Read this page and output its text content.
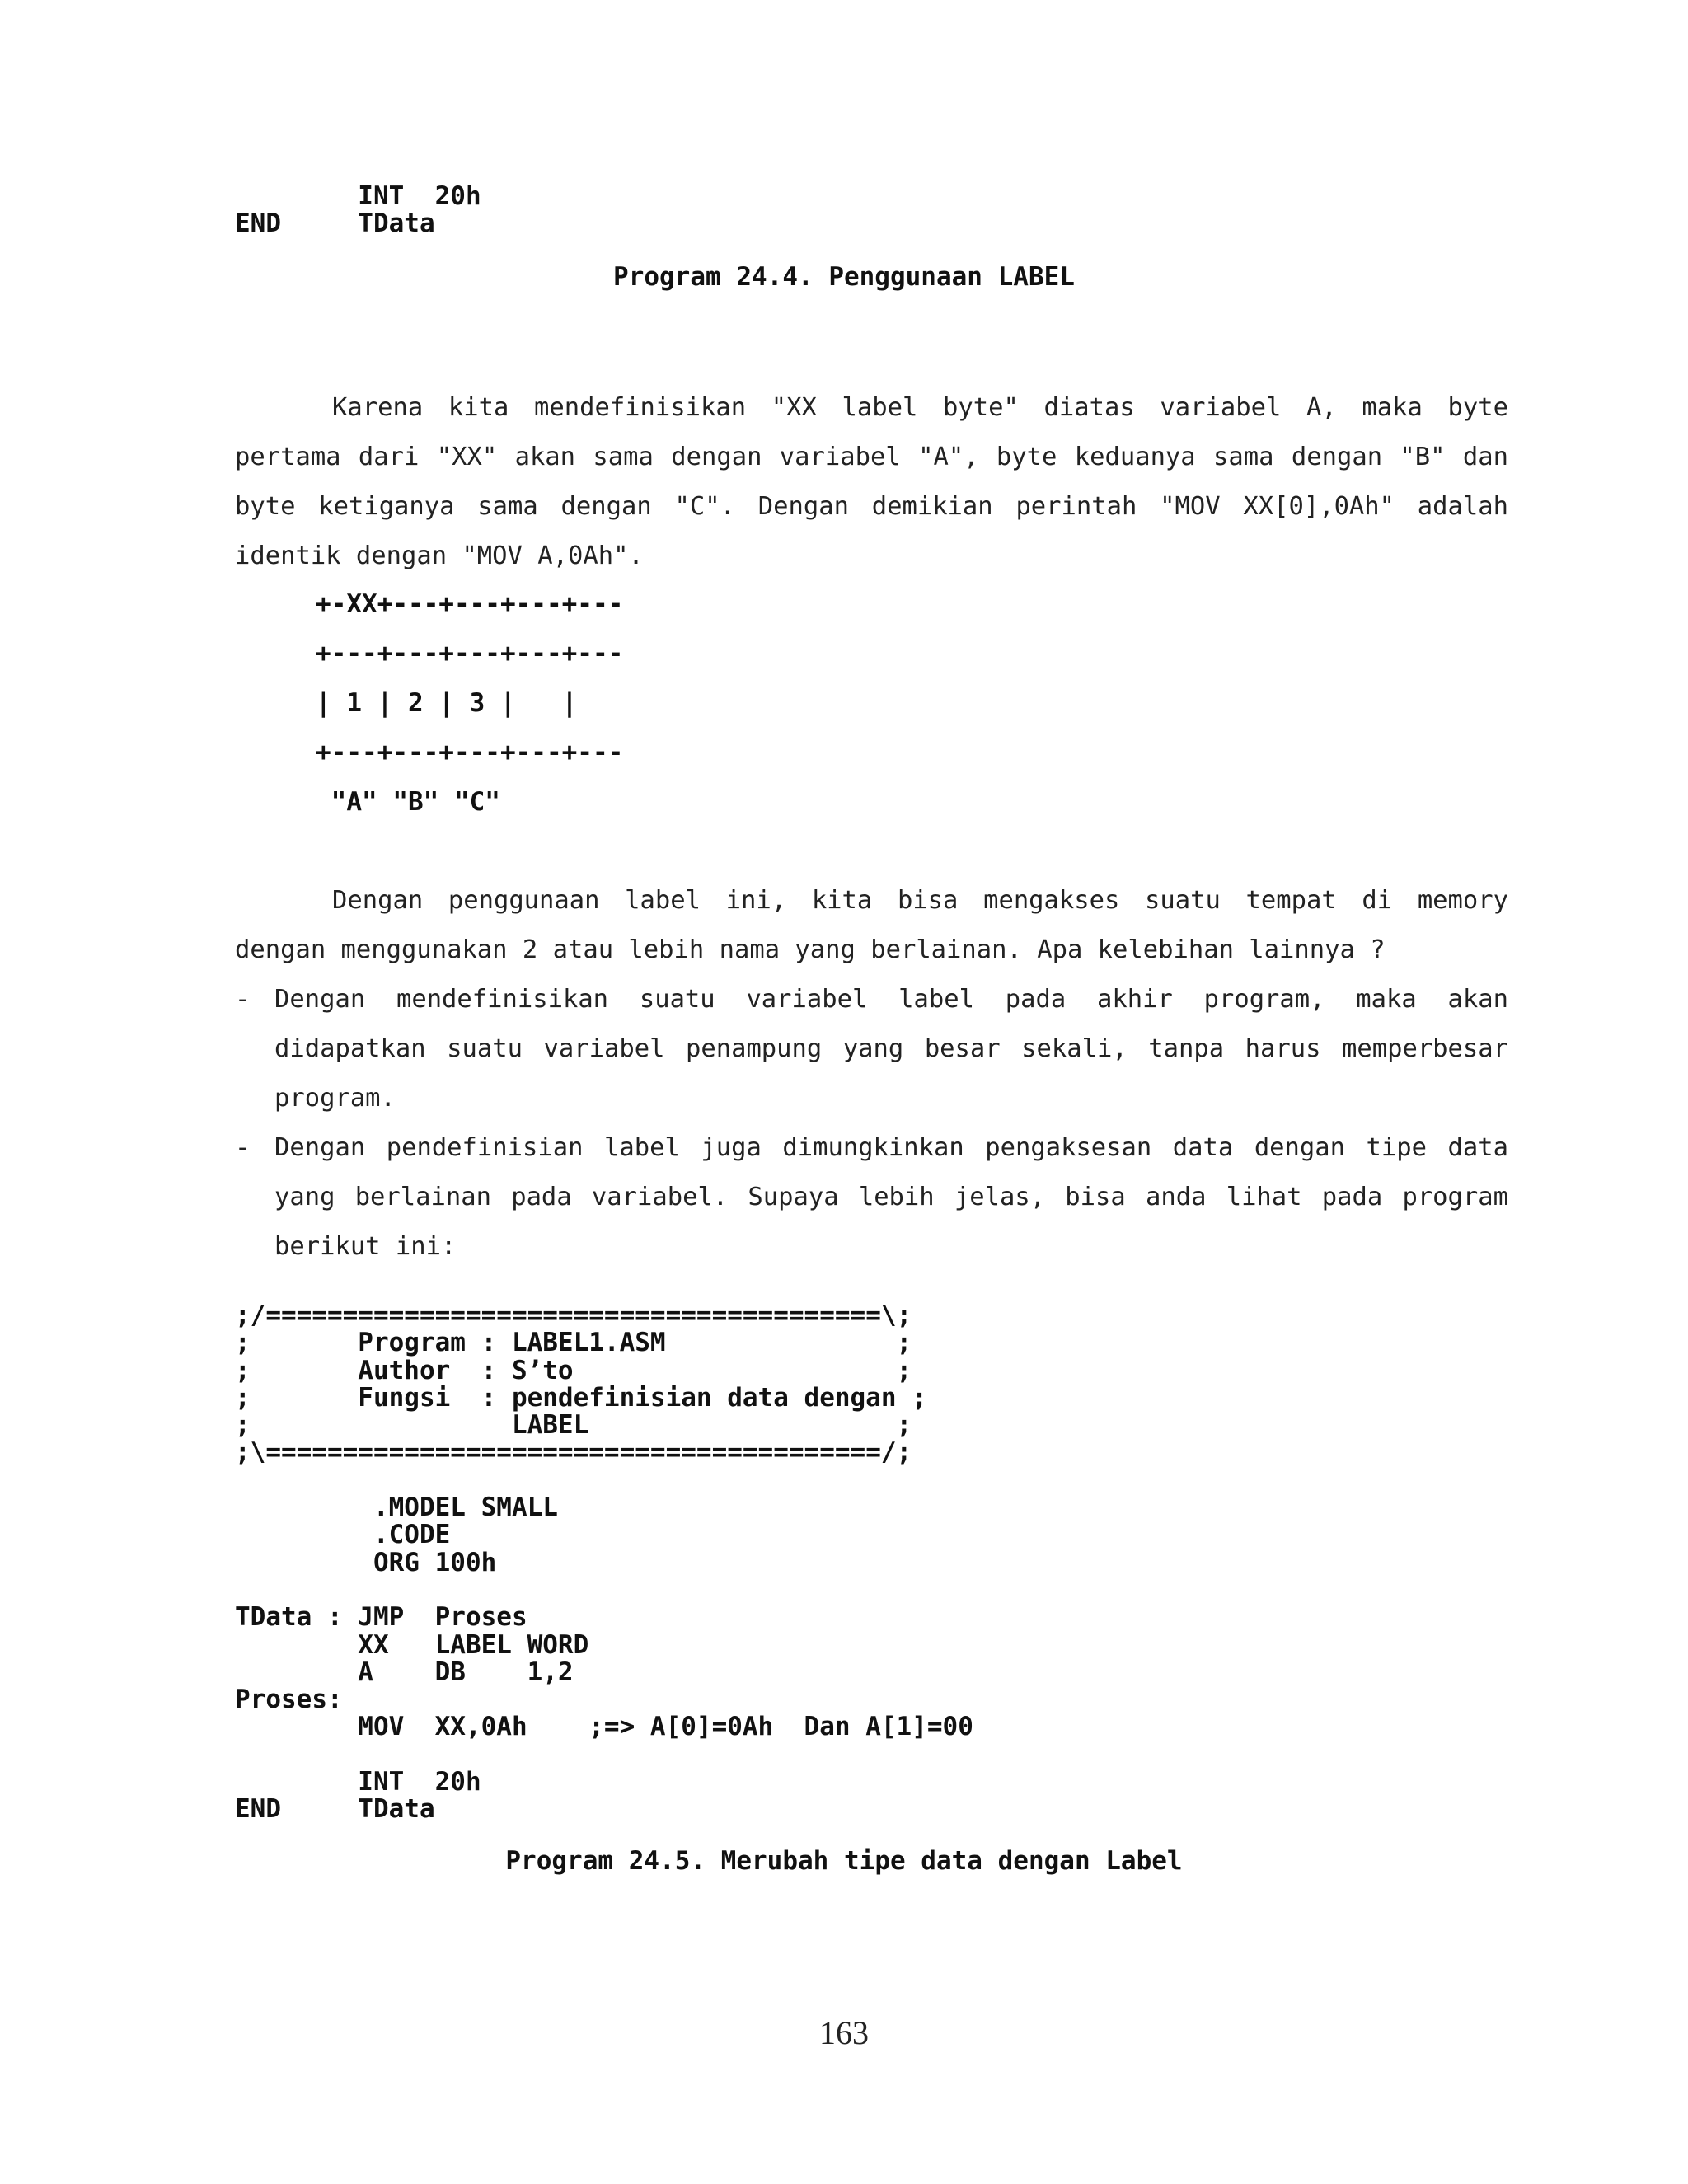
INT  20h
END     TData
Program 24.4. Penggunaan LABEL

Karena kita mendefinisikan "XX label byte" diatas variabel A, maka byte pertama dari "XX" akan sama dengan variabel "A", byte keduanya sama dengan "B" dan byte ketiganya sama dengan "C". Dengan demikian perintah "MOV XX[0],0Ah" adalah identik dengan "MOV A,0Ah".

+-XX+---+---+---+---
+---+---+---+---+---
| 1 | 2 | 3 |   |
+---+---+---+---+---
"A" "B" "C"

Dengan penggunaan label ini, kita bisa mengakses suatu tempat di memory dengan menggunakan 2 atau lebih nama yang berlainan. Apa kelebihan lainnya ?

- Dengan mendefinisikan suatu variabel label pada akhir program, maka akan didapatkan suatu variabel penampung yang besar sekali, tanpa harus memperbesar program.
- Dengan pendefinisian label juga dimungkinkan pengaksesan data dengan tipe data yang berlainan pada variabel. Supaya lebih jelas, bisa anda lihat pada program berikut ini:
;/========================================\;
;       Program : LABEL1.ASM               ;
;       Author  : S’to                     ;
;       Fungsi  : pendefinisian data dengan ;
;                 LABEL                    ;
;\========================================/;

.MODEL SMALL
.CODE
ORG 100h

TData : JMP  Proses
XX   LABEL WORD
A    DB    1,2
Proses:
MOV  XX,0Ah    ;=> A[0]=0Ah  Dan A[1]=00

INT  20h
END     TData
Program 24.5. Merubah tipe data dengan Label
163
